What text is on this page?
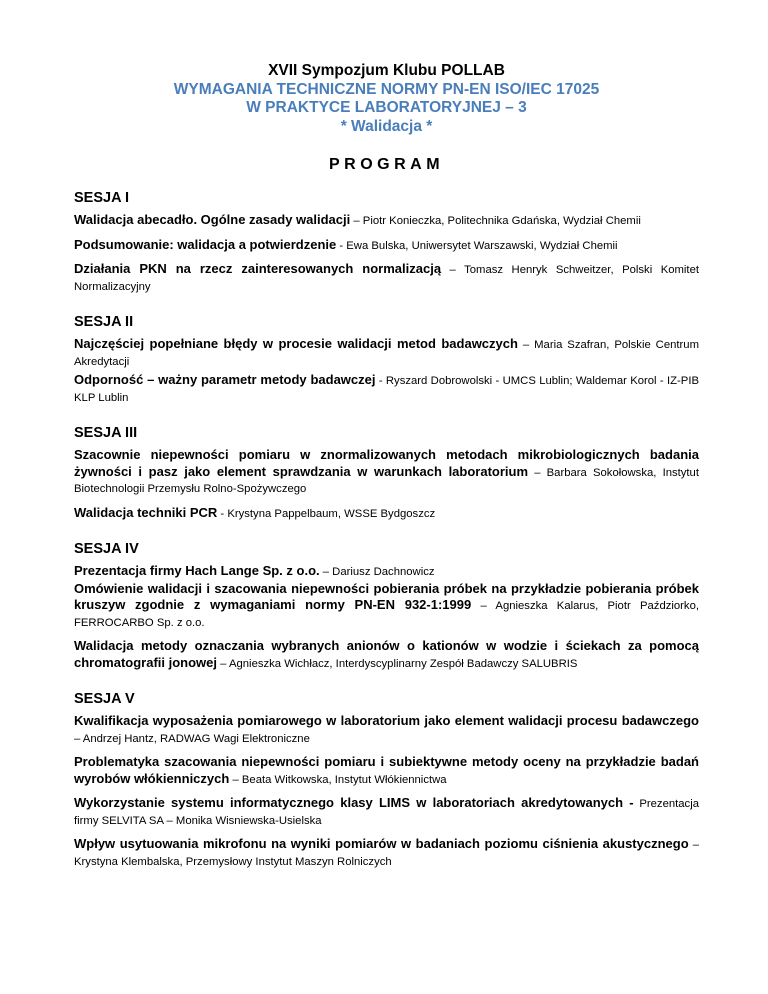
XVII Sympozjum Klubu POLLAB
WYMAGANIA TECHNICZNE NORMY PN-EN ISO/IEC 17025
W PRAKTYCE LABORATORYJNEJ – 3
* Walidacja *
PROGRAM
SESJA I

Walidacja abecadło. Ogólne zasady walidacji – Piotr Konieczka, Politechnika Gdańska, Wydział Chemii

Podsumowanie: walidacja a potwierdzenie - Ewa Bulska, Uniwersytet Warszawski, Wydział Chemii

Działania PKN na rzecz zainteresowanych normalizacją – Tomasz Henryk Schweitzer, Polski Komitet Normalizacyjny

SESJA II

Najczęściej popełniane błędy w procesie walidacji metod badawczych – Maria Szafran, Polskie Centrum Akredytacji

Odporność – ważny parametr metody badawczej - Ryszard Dobrowolski - UMCS Lublin; Waldemar Korol - IZ-PIB KLP Lublin

SESJA III

Szacownie niepewności pomiaru w znormalizowanych metodach mikrobiologicznych badania żywności i pasz jako element sprawdzania w warunkach laboratorium – Barbara Sokołowska, Instytut Biotechnologii Przemysłu Rolno-Spożywczego

Walidacja techniki PCR - Krystyna Pappelbaum, WSSE Bydgoszcz

SESJA IV

Prezentacja firmy Hach Lange Sp. z o.o. – Dariusz Dachnowicz

Omówienie walidacji i szacowania niepewności pobierania próbek na przykładzie pobierania próbek kruszyw zgodnie z wymaganiami normy PN-EN 932-1:1999 – Agnieszka Kalarus, Piotr Paździorko, FERROCARBO Sp. z o.o.

Walidacja metody oznaczania wybranych anionów o kationów w wodzie i ściekach za pomocą chromatografii jonowej – Agnieszka Wichłacz, Interdyscyplinarny Zespół Badawczy SALUBRIS

SESJA V

Kwalifikacja wyposażenia pomiarowego w laboratorium jako element walidacji procesu badawczego – Andrzej Hantz, RADWAG Wagi Elektroniczne

Problematyka szacowania niepewności pomiaru i subiektywne metody oceny na przykładzie badań wyrobów włókienniczych – Beata Witkowska, Instytut Włókiennictwa

Wykorzystanie systemu informatycznego klasy LIMS w laboratoriach akredytowanych - Prezentacja firmy SELVITA SA – Monika Wisniewska-Usielska

Wpływ usytuowania mikrofonu na wyniki pomiarów w badaniach poziomu ciśnienia akustycznego – Krystyna Klembalska, Przemysłowy Instytut Maszyn Rolniczych
